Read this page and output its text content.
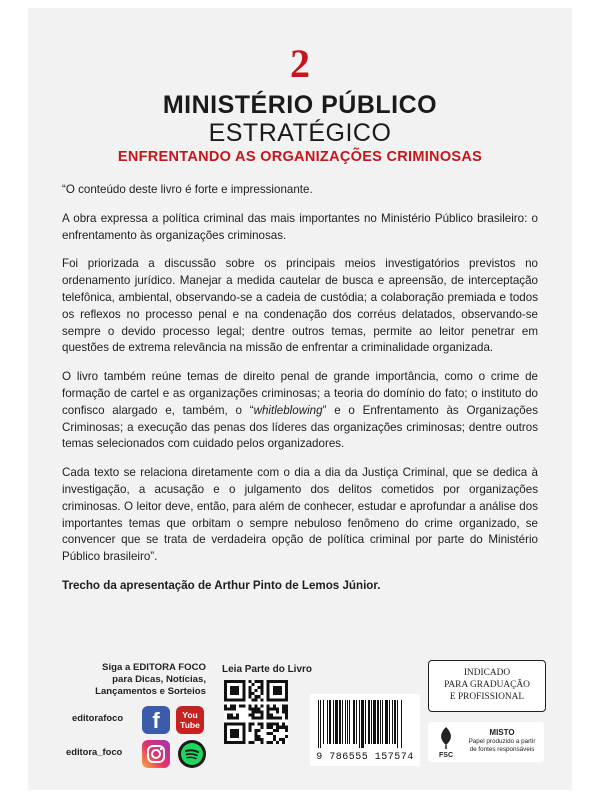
2
MINISTÉRIO PÚBLICO
ESTRATÉGICO
ENFRENTANDO AS ORGANIZAÇÕES CRIMINOSAS

“O conteúdo deste livro é forte e impressionante.

A obra expressa a política criminal das mais importantes no Ministério Público brasileiro: o enfrentamento às organizações criminosas.

Foi priorizada a discussão sobre os principais meios investigatórios previstos no ordenamento jurídico. Manejar a medida cautelar de busca e apreensão, de interceptação telefônica, ambiental, observando-se a cadeia de custódia; a colaboração premiada e todos os reflexos no processo penal e na condenação dos corréus delatados, observando-se sempre o devido processo legal; dentre outros temas, permite ao leitor penetrar em questões de extrema relevância na missão de enfrentar a criminalidade organizada.

O livro também reúne temas de direito penal de grande importância, como o crime de formação de cartel e as organizações criminosas; a teoria do domínio do fato; o instituto do confisco alargado e, também, o “whitleblowing” e o Enfrentamento às Organizações Criminosas; a execução das penas dos líderes das organizações criminosas; dentre outros temas selecionados com cuidado pelos organizadores.

Cada texto se relaciona diretamente com o dia a dia da Justiça Criminal, que se dedica à investigação, a acusação e o julgamento dos delitos cometidos por organizações criminosas. O leitor deve, então, para além de conhecer, estudar e aprofundar a análise dos importantes temas que orbitam o sempre nebuloso fenômeno do crime organizado, se convencer que se trata de verdadeira opção de política criminal por parte do Ministério Público brasileiro”.

Trecho da apresentação de Arthur Pinto de Lemos Júnior.

Siga a EDITORA FOCO
para Dicas, Notícias,
Lançamentos e Sorteios
editorafoco	f	You
Tube
editora_foco
Leia Parte do Livro	INDICADO
PARA GRADUAÇÃO
E PROFISSIONAL
9 786555 157574	FSC
MISTO
Papel produzido a partir
de fontes responsáveis
